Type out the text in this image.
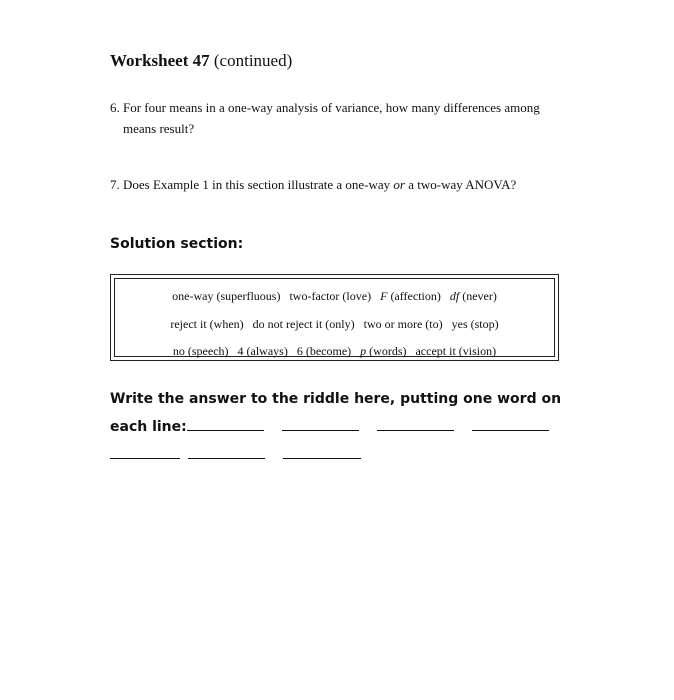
Worksheet 47 (continued)
6. For four means in a one-way analysis of variance, how many differences among
means result?
7. Does Example 1 in this section illustrate a one-way or a two-way ANOVA?
Solution section:
one-way (superfluous) two-factor (love) F (affection) df (never)
reject it (when) do not reject it (only) two or more (to) yes (stop)
no (speech) 4 (always) 6 (become) p (words) accept it (vision)
Write the answer to the riddle here, putting one word on
each line:
